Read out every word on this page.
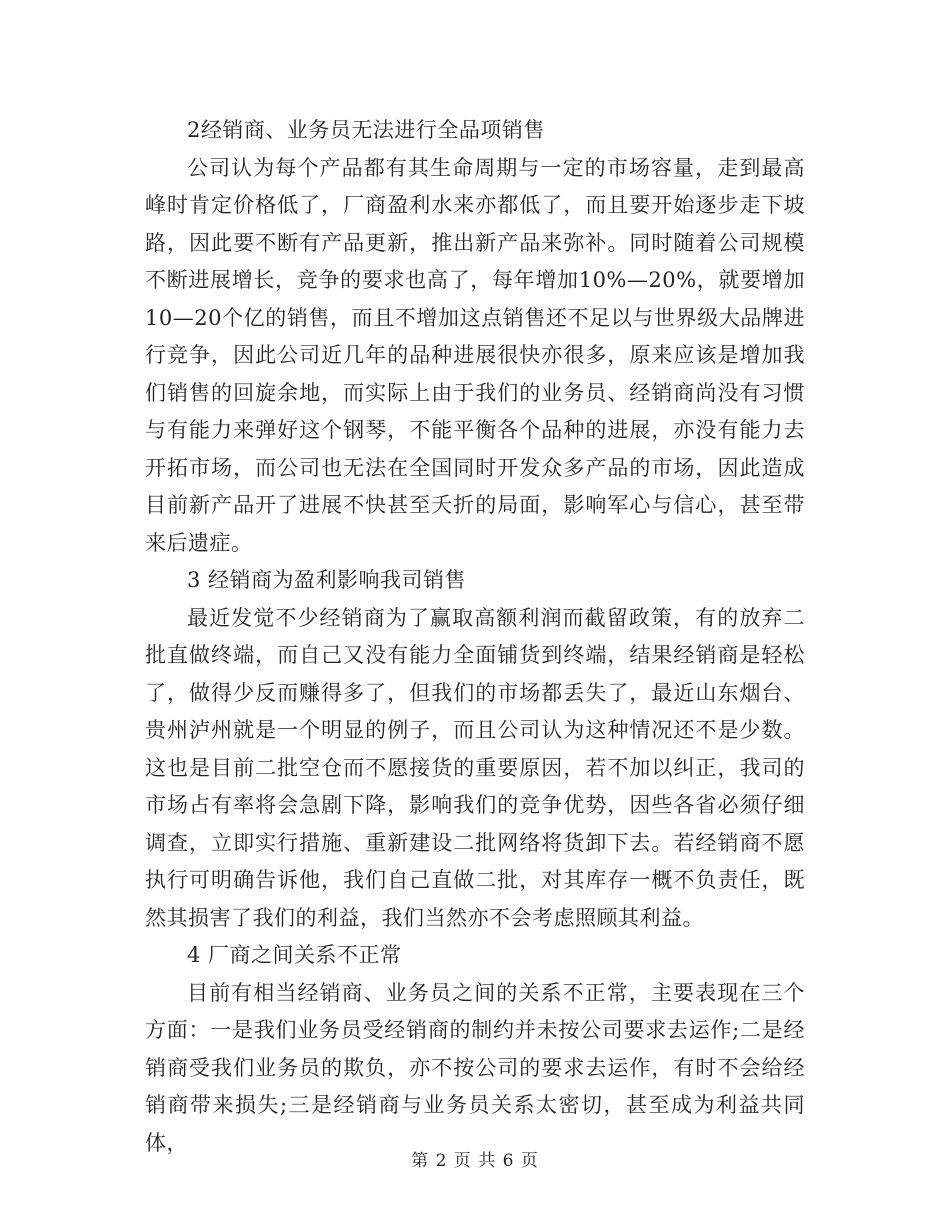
2经销商、业务员无法进行全品项销售

公司认为每个产品都有其生命周期与一定的市场容量，走到最高峰时肯定价格低了，厂商盈利水来亦都低了，而且要开始逐步走下坡路，因此要不断有产品更新，推出新产品来弥补。同时随着公司规模不断进展增长，竞争的要求也高了，每年增加10%—20%，就要增加10—20个亿的销售，而且不增加这点销售还不足以与世界级大品牌进行竞争，因此公司近几年的品种进展很快亦很多，原来应该是增加我们销售的回旋余地，而实际上由于我们的业务员、经销商尚没有习惯与有能力来弹好这个钢琴，不能平衡各个品种的进展，亦没有能力去开拓市场，而公司也无法在全国同时开发众多产品的市场，因此造成目前新产品开了进展不快甚至夭折的局面，影响军心与信心，甚至带来后遗症。

3 经销商为盈利影响我司销售

最近发觉不少经销商为了赢取高额利润而截留政策，有的放弃二批直做终端，而自己又没有能力全面铺货到终端，结果经销商是轻松了，做得少反而赚得多了，但我们的市场都丢失了，最近山东烟台、贵州泸州就是一个明显的例子，而且公司认为这种情况还不是少数。这也是目前二批空仓而不愿接货的重要原因，若不加以纠正，我司的市场占有率将会急剧下降，影响我们的竞争优势，因些各省必须仔细调查，立即实行措施、重新建设二批网络将货卸下去。若经销商不愿执行可明确告诉他，我们自己直做二批，对其库存一概不负责任，既然其损害了我们的利益，我们当然亦不会考虑照顾其利益。

4 厂商之间关系不正常

目前有相当经销商、业务员之间的关系不正常，主要表现在三个方面：一是我们业务员受经销商的制约并未按公司要求去运作;二是经销商受我们业务员的欺负，亦不按公司的要求去运作，有时不会给经销商带来损失;三是经销商与业务员关系太密切，甚至成为利益共同体，

第 2 页 共 6 页
